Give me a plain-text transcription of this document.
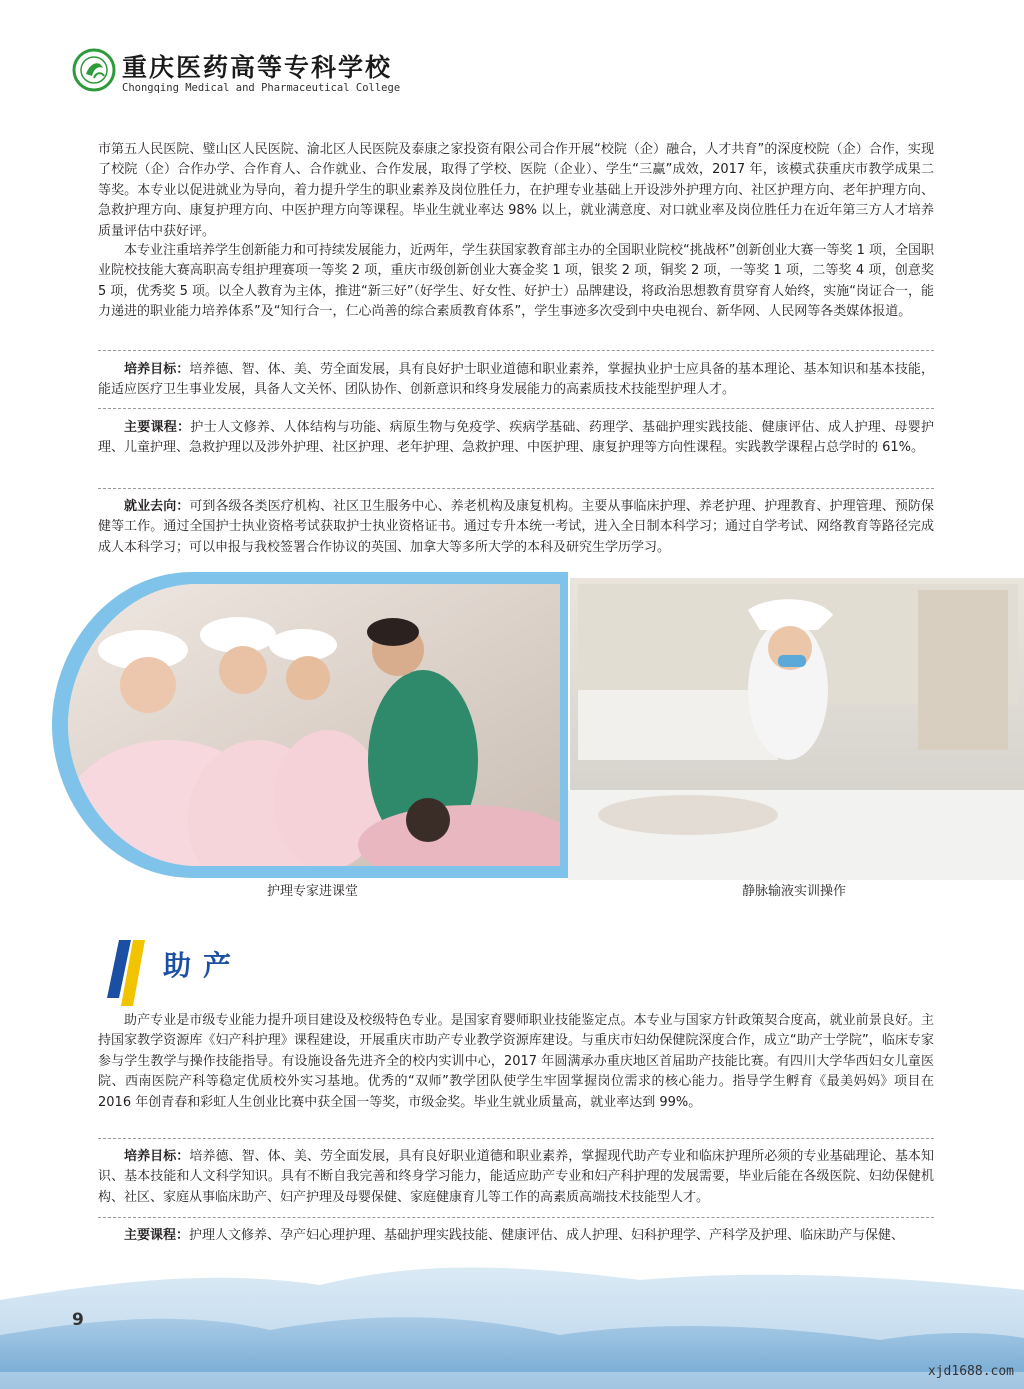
重庆医药高等专科学校
Chongqing Medical and Pharmaceutical College

市第五人民医院、璧山区人民医院、渝北区人民医院及泰康之家投资有限公司合作开展“校院（企）融合，人才共育”的深度校院（企）合作，实现了校院（企）合作办学、合作育人、合作就业、合作发展，取得了学校、医院（企业）、学生“三赢”成效，2017 年，该模式获重庆市教学成果二等奖。本专业以促进就业为导向，着力提升学生的职业素养及岗位胜任力，在护理专业基础上开设涉外护理方向、社区护理方向、老年护理方向、急救护理方向、康复护理方向、中医护理方向等课程。毕业生就业率达 98% 以上，就业满意度、对口就业率及岗位胜任力在近年第三方人才培养质量评估中获好评。

本专业注重培养学生创新能力和可持续发展能力，近两年，学生获国家教育部主办的全国职业院校“挑战杯”创新创业大赛一等奖 1 项，全国职业院校技能大赛高职高专组护理赛项一等奖 2 项，重庆市级创新创业大赛金奖 1 项，银奖 2 项，铜奖 2 项，一等奖 1 项，二等奖 4 项，创意奖 5 项，优秀奖 5 项。以全人教育为主体，推进“新三好”（好学生、好女性、好护士）品牌建设，将政治思想教育贯穿育人始终，实施“岗证合一，能力递进的职业能力培养体系”及“知行合一，仁心尚善的综合素质教育体系”，学生事迹多次受到中央电视台、新华网、人民网等各类媒体报道。

培养目标：培养德、智、体、美、劳全面发展，具有良好护士职业道德和职业素养，掌握执业护士应具备的基本理论、基本知识和基本技能，能适应医疗卫生事业发展，具备人文关怀、团队协作、创新意识和终身发展能力的高素质技术技能型护理人才。

主要课程：护士人文修养、人体结构与功能、病原生物与免疫学、疾病学基础、药理学、基础护理实践技能、健康评估、成人护理、母婴护理、儿童护理、急救护理以及涉外护理、社区护理、老年护理、急救护理、中医护理、康复护理等方向性课程。实践教学课程占总学时的 61%。

就业去向：可到各级各类医疗机构、社区卫生服务中心、养老机构及康复机构。主要从事临床护理、养老护理、护理教育、护理管理、预防保健等工作。通过全国护士执业资格考试获取护士执业资格证书。通过专升本统一考试，进入全日制本科学习；通过自学考试、网络教育等路径完成成人本科学习；可以申报与我校签署合作协议的英国、加拿大等多所大学的本科及研究生学历学习。

护理专家进课堂	静脉输液实训操作
助产

助产专业是市级专业能力提升项目建设及校级特色专业。是国家育婴师职业技能鉴定点。本专业与国家方针政策契合度高，就业前景良好。主持国家教学资源库《妇产科护理》课程建设，开展重庆市助产专业教学资源库建设。与重庆市妇幼保健院深度合作，成立“助产士学院”，临床专家参与学生教学与操作技能指导。有设施设备先进齐全的校内实训中心，2017 年圆满承办重庆地区首届助产技能比赛。有四川大学华西妇女儿童医院、西南医院产科等稳定优质校外实习基地。优秀的“双师”教学团队使学生牢固掌握岗位需求的核心能力。指导学生孵育《最美妈妈》项目在 2016 年创青春和彩虹人生创业比赛中获全国一等奖，市级金奖。毕业生就业质量高，就业率达到 99%。

培养目标：培养德、智、体、美、劳全面发展，具有良好职业道德和职业素养，掌握现代助产专业和临床护理所必须的专业基础理论、基本知识、基本技能和人文科学知识。具有不断自我完善和终身学习能力，能适应助产专业和妇产科护理的发展需要，毕业后能在各级医院、妇幼保健机构、社区、家庭从事临床助产、妇产护理及母婴保健、家庭健康育儿等工作的高素质高端技术技能型人才。

主要课程：护理人文修养、孕产妇心理护理、基础护理实践技能、健康评估、成人护理、妇科护理学、产科学及护理、临床助产与保健、

9
xjd1688.com
